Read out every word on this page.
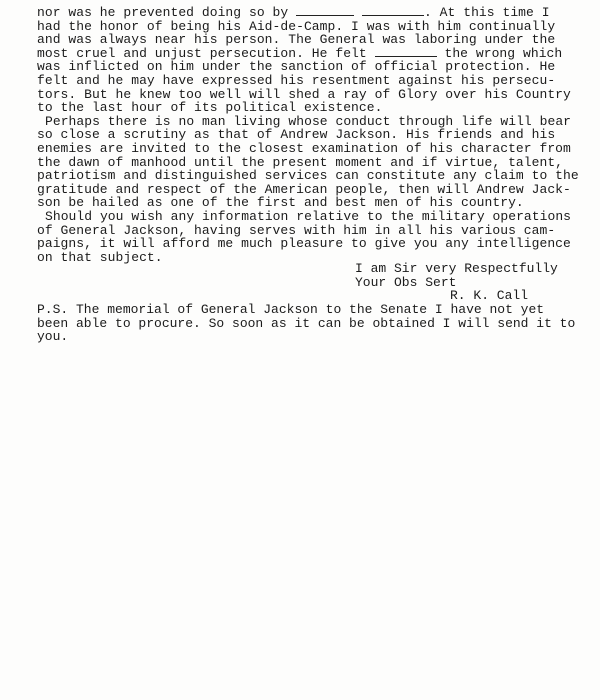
nor was he prevented doing so by	. At this time I
had the honor of being his Aid-de-Camp. I was with him continually
and was always near his person. The General was laboring under the
most cruel and unjust persecution. He felt	the wrong which
was inflicted on him under the sanction of official protection. He
felt and he may have expressed his resentment against his persecu-
tors. But he knew too well will shed a ray of Glory over his Country
to the last hour of its political existence.
Perhaps there is no man living whose conduct through life will bear
so close a scrutiny as that of Andrew Jackson. His friends and his
enemies are invited to the closest examination of his character from
the dawn of manhood until the present moment and if virtue, talent,
patriotism and distinguished services can constitute any claim to the
gratitude and respect of the American people, then will Andrew Jack-
son be hailed as one of the first and best men of his country.
Should you wish any information relative to the military operations
of General Jackson, having serves with him in all his various cam-
paigns, it will afford me much pleasure to give you any intelligence
on that subject.
I am Sir very Respectfully
Your Obs Sert
R. K. Call
P.S. The memorial of General Jackson to the Senate I have not yet
been able to procure. So soon as it can be obtained I will send it to
you.
